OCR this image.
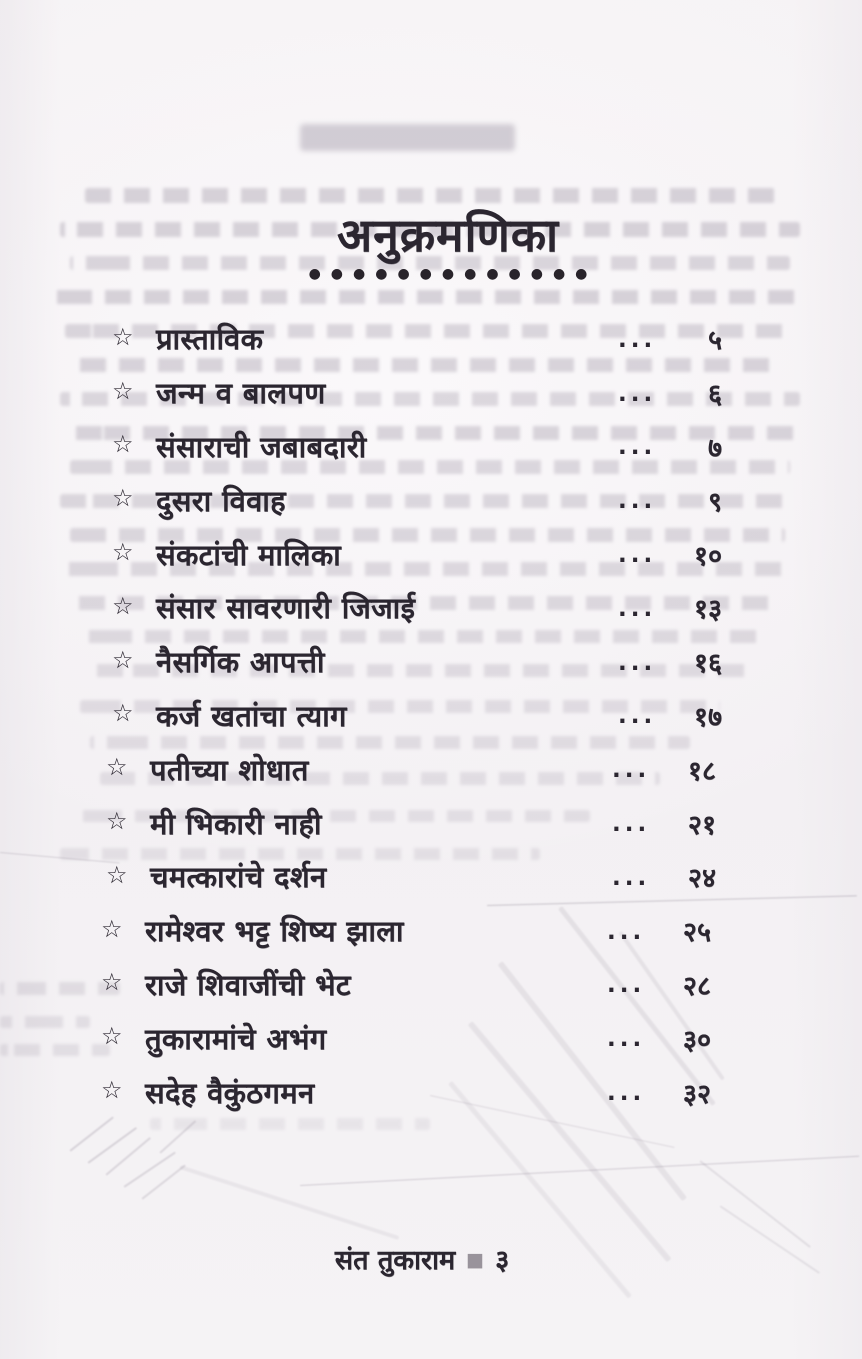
अनुक्रमणिका
●●●●●●●●●●●●●
☆ प्रास्ताविक	...	५
☆ जन्म व बालपण	...	६
☆ संसाराची जबाबदारी	...	७
☆ दुसरा विवाह	...	९
☆ संकटांची मालिका	...	१०
☆ संसार सावरणारी जिजाई	...	१३
☆ नैसर्गिक आपत्ती	...	१६
☆ कर्ज खतांचा त्याग	...	१७
☆ पतीच्या शोधात	...	१८
☆ मी भिकारी नाही	...	२१
☆ चमत्कारांचे दर्शन	...	२४
☆ रामेश्वर भट्ट शिष्य झाला	...	२५
☆ राजे शिवाजींची भेट	...	२८
☆ तुकारामांचे अभंग	...	३०
☆ सदेह वैकुंठगमन	...	३२
संत तुकाराम ■ ३
